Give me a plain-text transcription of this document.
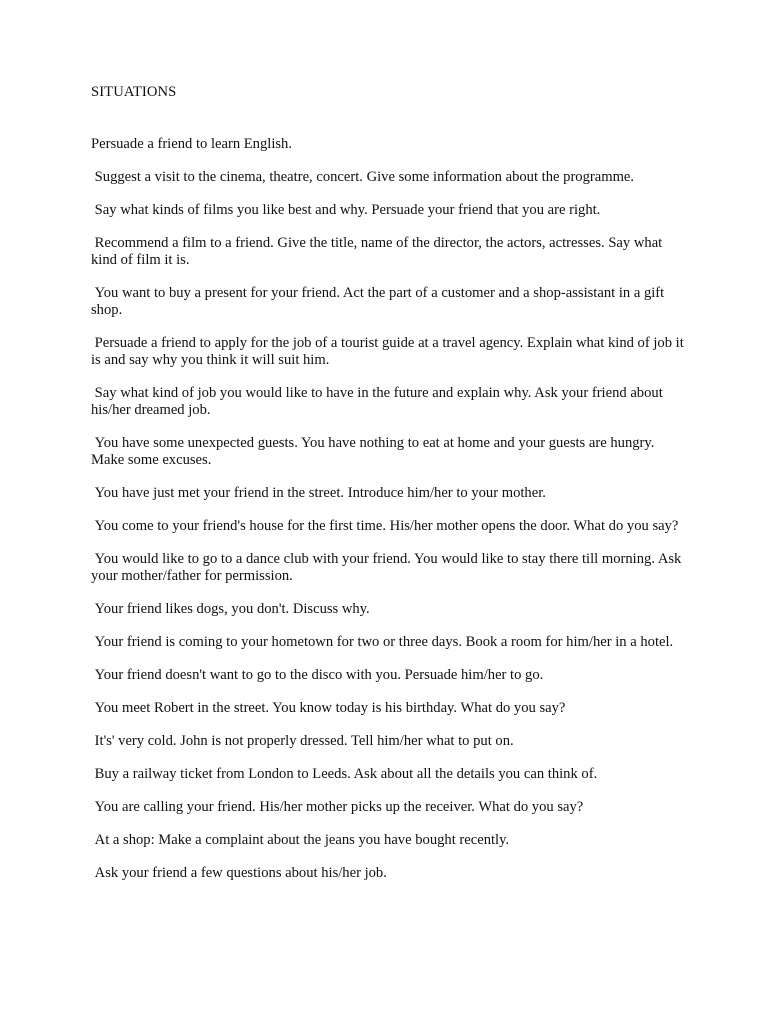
SITUATIONS
Persuade a friend to learn English.
Suggest a visit to the cinema, theatre, concert. Give some information about the programme.
Say what kinds of films you like best and why. Persuade your friend that you are right.
Recommend a film to a friend. Give the title, name of the director, the actors, actresses. Say what kind of film it is.
You want to buy a present for your friend. Act the part of a customer and a shop-assistant in a gift shop.
Persuade a friend to apply for the job of a tourist guide at a travel agency. Explain what kind of job it is and say why you think it will suit him.
Say what kind of job you would like to have in the future and explain why. Ask your friend about his/her dreamed job.
You have some unexpected guests. You have nothing to eat at home and your guests are hungry. Make some excuses.
You have just met your friend in the street. Introduce him/her to your mother.
You come to your friend's house for the first time. His/her mother opens the door. What do you say?
You would like to go to a dance club with your friend. You would like to stay there till morning. Ask your mother/father for permission.
Your friend likes dogs, you don't. Discuss why.
Your friend is coming to your hometown for two or three days. Book a room for him/her in a hotel.
Your friend doesn't want to go to the disco with you. Persuade him/her to go.
You meet Robert in the street. You know today is his birthday. What do you say?
It's' very cold. John is not properly dressed. Tell him/her what to put on.
Buy a railway ticket from London to Leeds. Ask about all the details you can think of.
You are calling your friend. His/her mother picks up the receiver. What do you say?
At a shop: Make a complaint about the jeans you have bought recently.
Ask your friend a few questions about his/her job.
